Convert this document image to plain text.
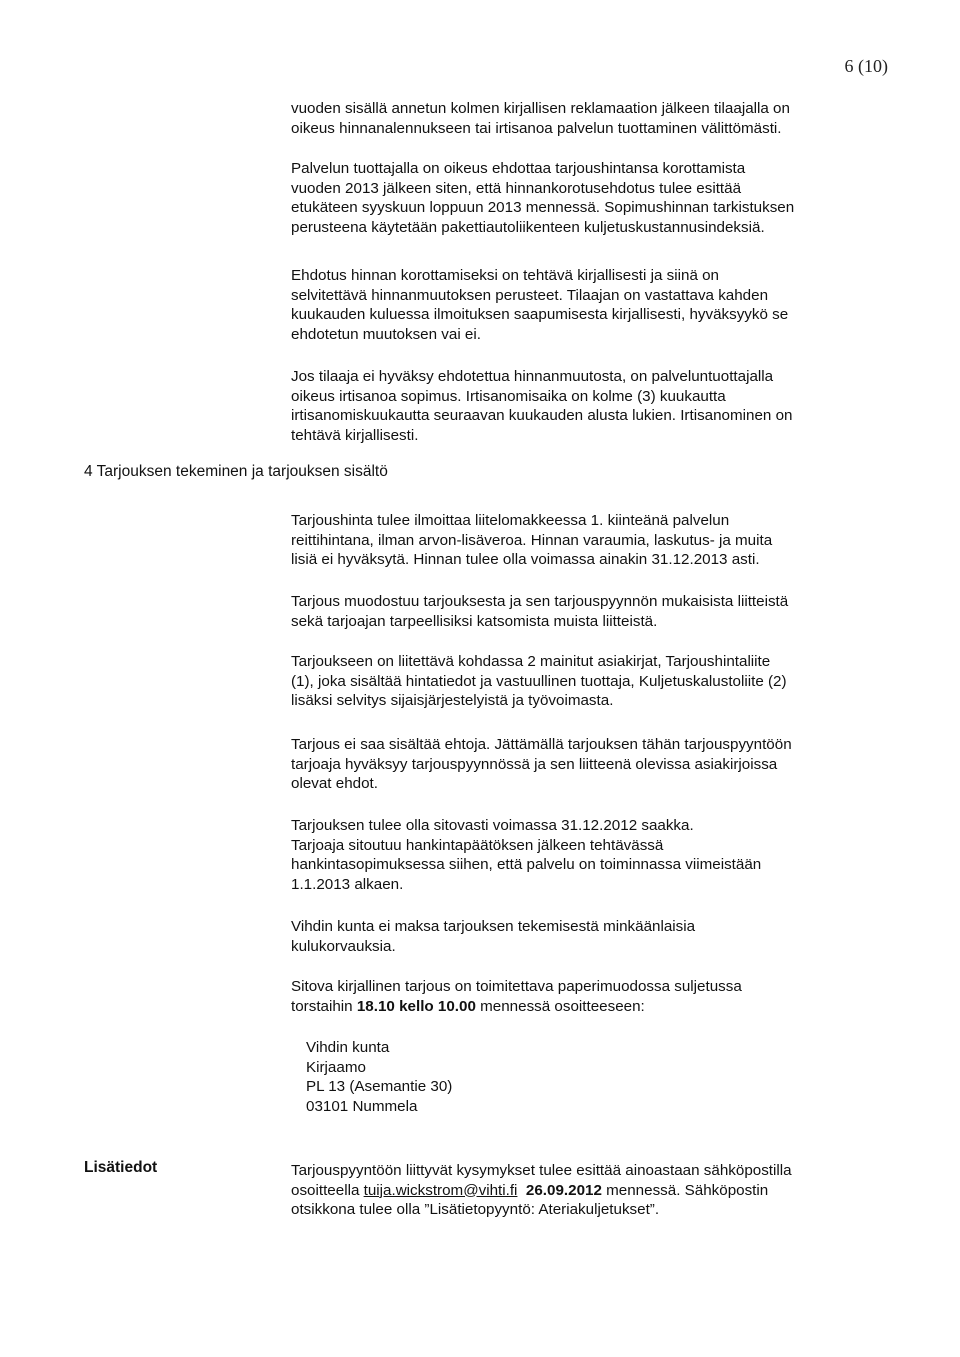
6 (10)
vuoden sisällä annetun kolmen kirjallisen reklamaation jälkeen tilaajalla on
oikeus hinnanalennukseen tai irtisanoa palvelun tuottaminen välittömästi.
Palvelun tuottajalla on oikeus ehdottaa tarjoushintansa korottamista
vuoden 2013 jälkeen siten, että hinnankorotusehdotus tulee esittää
etukäteen syyskuun loppuun 2013 mennessä. Sopimushinnan tarkistuksen
perusteena käytetään pakettiautoliikenteen kuljetuskustannusindeksiä.
Ehdotus hinnan korottamiseksi on tehtävä kirjallisesti ja siinä on
selvitettävä hinnanmuutoksen perusteet. Tilaajan on vastattava kahden
kuukauden kuluessa ilmoituksen saapumisesta kirjallisesti, hyväksyykö se
ehdotetun muutoksen vai ei.
Jos tilaaja ei hyväksy ehdotettua hinnanmuutosta, on palveluntuottajalla
oikeus irtisanoa sopimus. Irtisanomisaika on kolme (3) kuukautta
irtisanomiskuukautta seuraavan kuukauden alusta lukien. Irtisanominen on
tehtävä kirjallisesti.
4 Tarjouksen tekeminen ja tarjouksen sisältö
Tarjoushinta tulee ilmoittaa liitelomakkeessa 1. kiinteänä palvelun
reittihintana, ilman arvon-lisäveroa. Hinnan varaumia, laskutus- ja muita
lisiä ei hyväksytä. Hinnan tulee olla voimassa ainakin 31.12.2013 asti.
Tarjous muodostuu tarjouksesta ja sen tarjouspyynnön mukaisista liitteistä
sekä tarjoajan tarpeellisiksi katsomista muista liitteistä.
Tarjoukseen on liitettävä kohdassa 2 mainitut asiakirjat, Tarjoushintaliite
(1), joka sisältää hintatiedot ja vastuullinen tuottaja, Kuljetuskalustoliite (2)
lisäksi selvitys sijaisjärjestelyistä ja työvoimasta.
Tarjous ei saa sisältää ehtoja. Jättämällä tarjouksen tähän tarjouspyyntöön
tarjoaja hyväksyy tarjouspyynnössä ja sen liitteenä olevissa asiakirjoissa
olevat ehdot.
Tarjouksen tulee olla sitovasti voimassa 31.12.2012 saakka.
Tarjoaja sitoutuu hankintapäätöksen jälkeen tehtävässä
hankintasopimuksessa siihen, että palvelu on toiminnassa viimeistään
1.1.2013 alkaen.
Vihdin kunta ei maksa tarjouksen tekemisestä minkäänlaisia
kulukorvauksia.
Sitova kirjallinen tarjous on toimitettava paperimuodossa suljetussa
torstaihin 18.10 kello 10.00 mennessä osoitteeseen:
Vihdin kunta
Kirjaamo
PL 13 (Asemantie 30)
03101 Nummela
Lisätiedot	Tarjouspyyntöön liittyvät kysymykset tulee esittää ainoastaan sähköpostilla
osoitteella tuija.wickstrom@vihti.fi 26.09.2012 mennessä. Sähköpostin
otsikkona tulee olla ”Lisätietopyyntö: Ateriakuljetukset”.
